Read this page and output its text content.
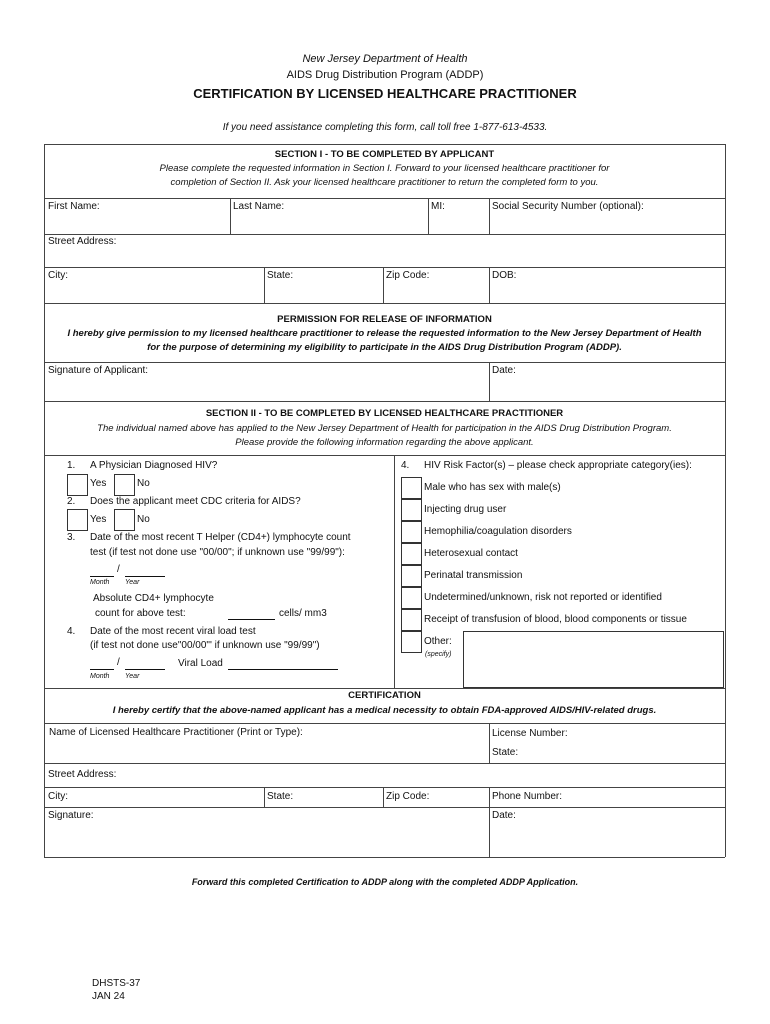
New Jersey Department of Health
AIDS Drug Distribution Program (ADDP)
CERTIFICATION BY LICENSED HEALTHCARE PRACTITIONER
If you need assistance completing this form, call toll free 1-877-613-4533.
SECTION I - TO BE COMPLETED BY APPLICANT
Please complete the requested information in Section I. Forward to your licensed healthcare practitioner for
completion of Section II. Ask your licensed healthcare practitioner to return the completed form to you.
First Name:	Last Name:	MI:	Social Security Number (optional):
Street Address:
City:	State:	Zip Code:	DOB:
PERMISSION FOR RELEASE OF INFORMATION
I hereby give permission to my licensed healthcare practitioner to release the requested information to the New Jersey Department of Health
for the purpose of determining my eligibility to participate in the AIDS Drug Distribution Program (ADDP).
Signature of Applicant:	Date:
SECTION II - TO BE COMPLETED BY LICENSED HEALTHCARE PRACTITIONER
The individual named above has applied to the New Jersey Department of Health for participation in the AIDS Drug Distribution Program.
Please provide the following information regarding the above applicant.
1. A Physician Diagnosed HIV?
Yes	No
2. Does the applicant meet CDC criteria for AIDS?
Yes	No
3. Date of the most recent T Helper (CD4+) lymphocyte count
test (if test not done use "00/00"; if unknown use "99/99"):
/
Month Year
Absolute CD4+ lymphocyte
count for above test:	cells/ mm3
4. Date of the most recent viral load test
(if test not done use"00/00"' if unknown use "99/99")
/	Viral Load
Month Year
4. HIV Risk Factor(s) – please check appropriate category(ies):
Male who has sex with male(s)
Injecting drug user
Hemophilia/coagulation disorders
Heterosexual contact
Perinatal transmission
Undetermined/unknown, risk not reported or identified
Receipt of transfusion of blood, blood components or tissue
Other:
(specify)
CERTIFICATION
I hereby certify that the above-named applicant has a medical necessity to obtain FDA-approved AIDS/HIV-related drugs.
Name of Licensed Healthcare Practitioner (Print or Type):	License Number:
State:
Street Address:
City:	State:	Zip Code:	Phone Number:
Signature:	Date:
Forward this completed Certification to ADDP along with the completed ADDP Application.
DHSTS-37
JAN 24
